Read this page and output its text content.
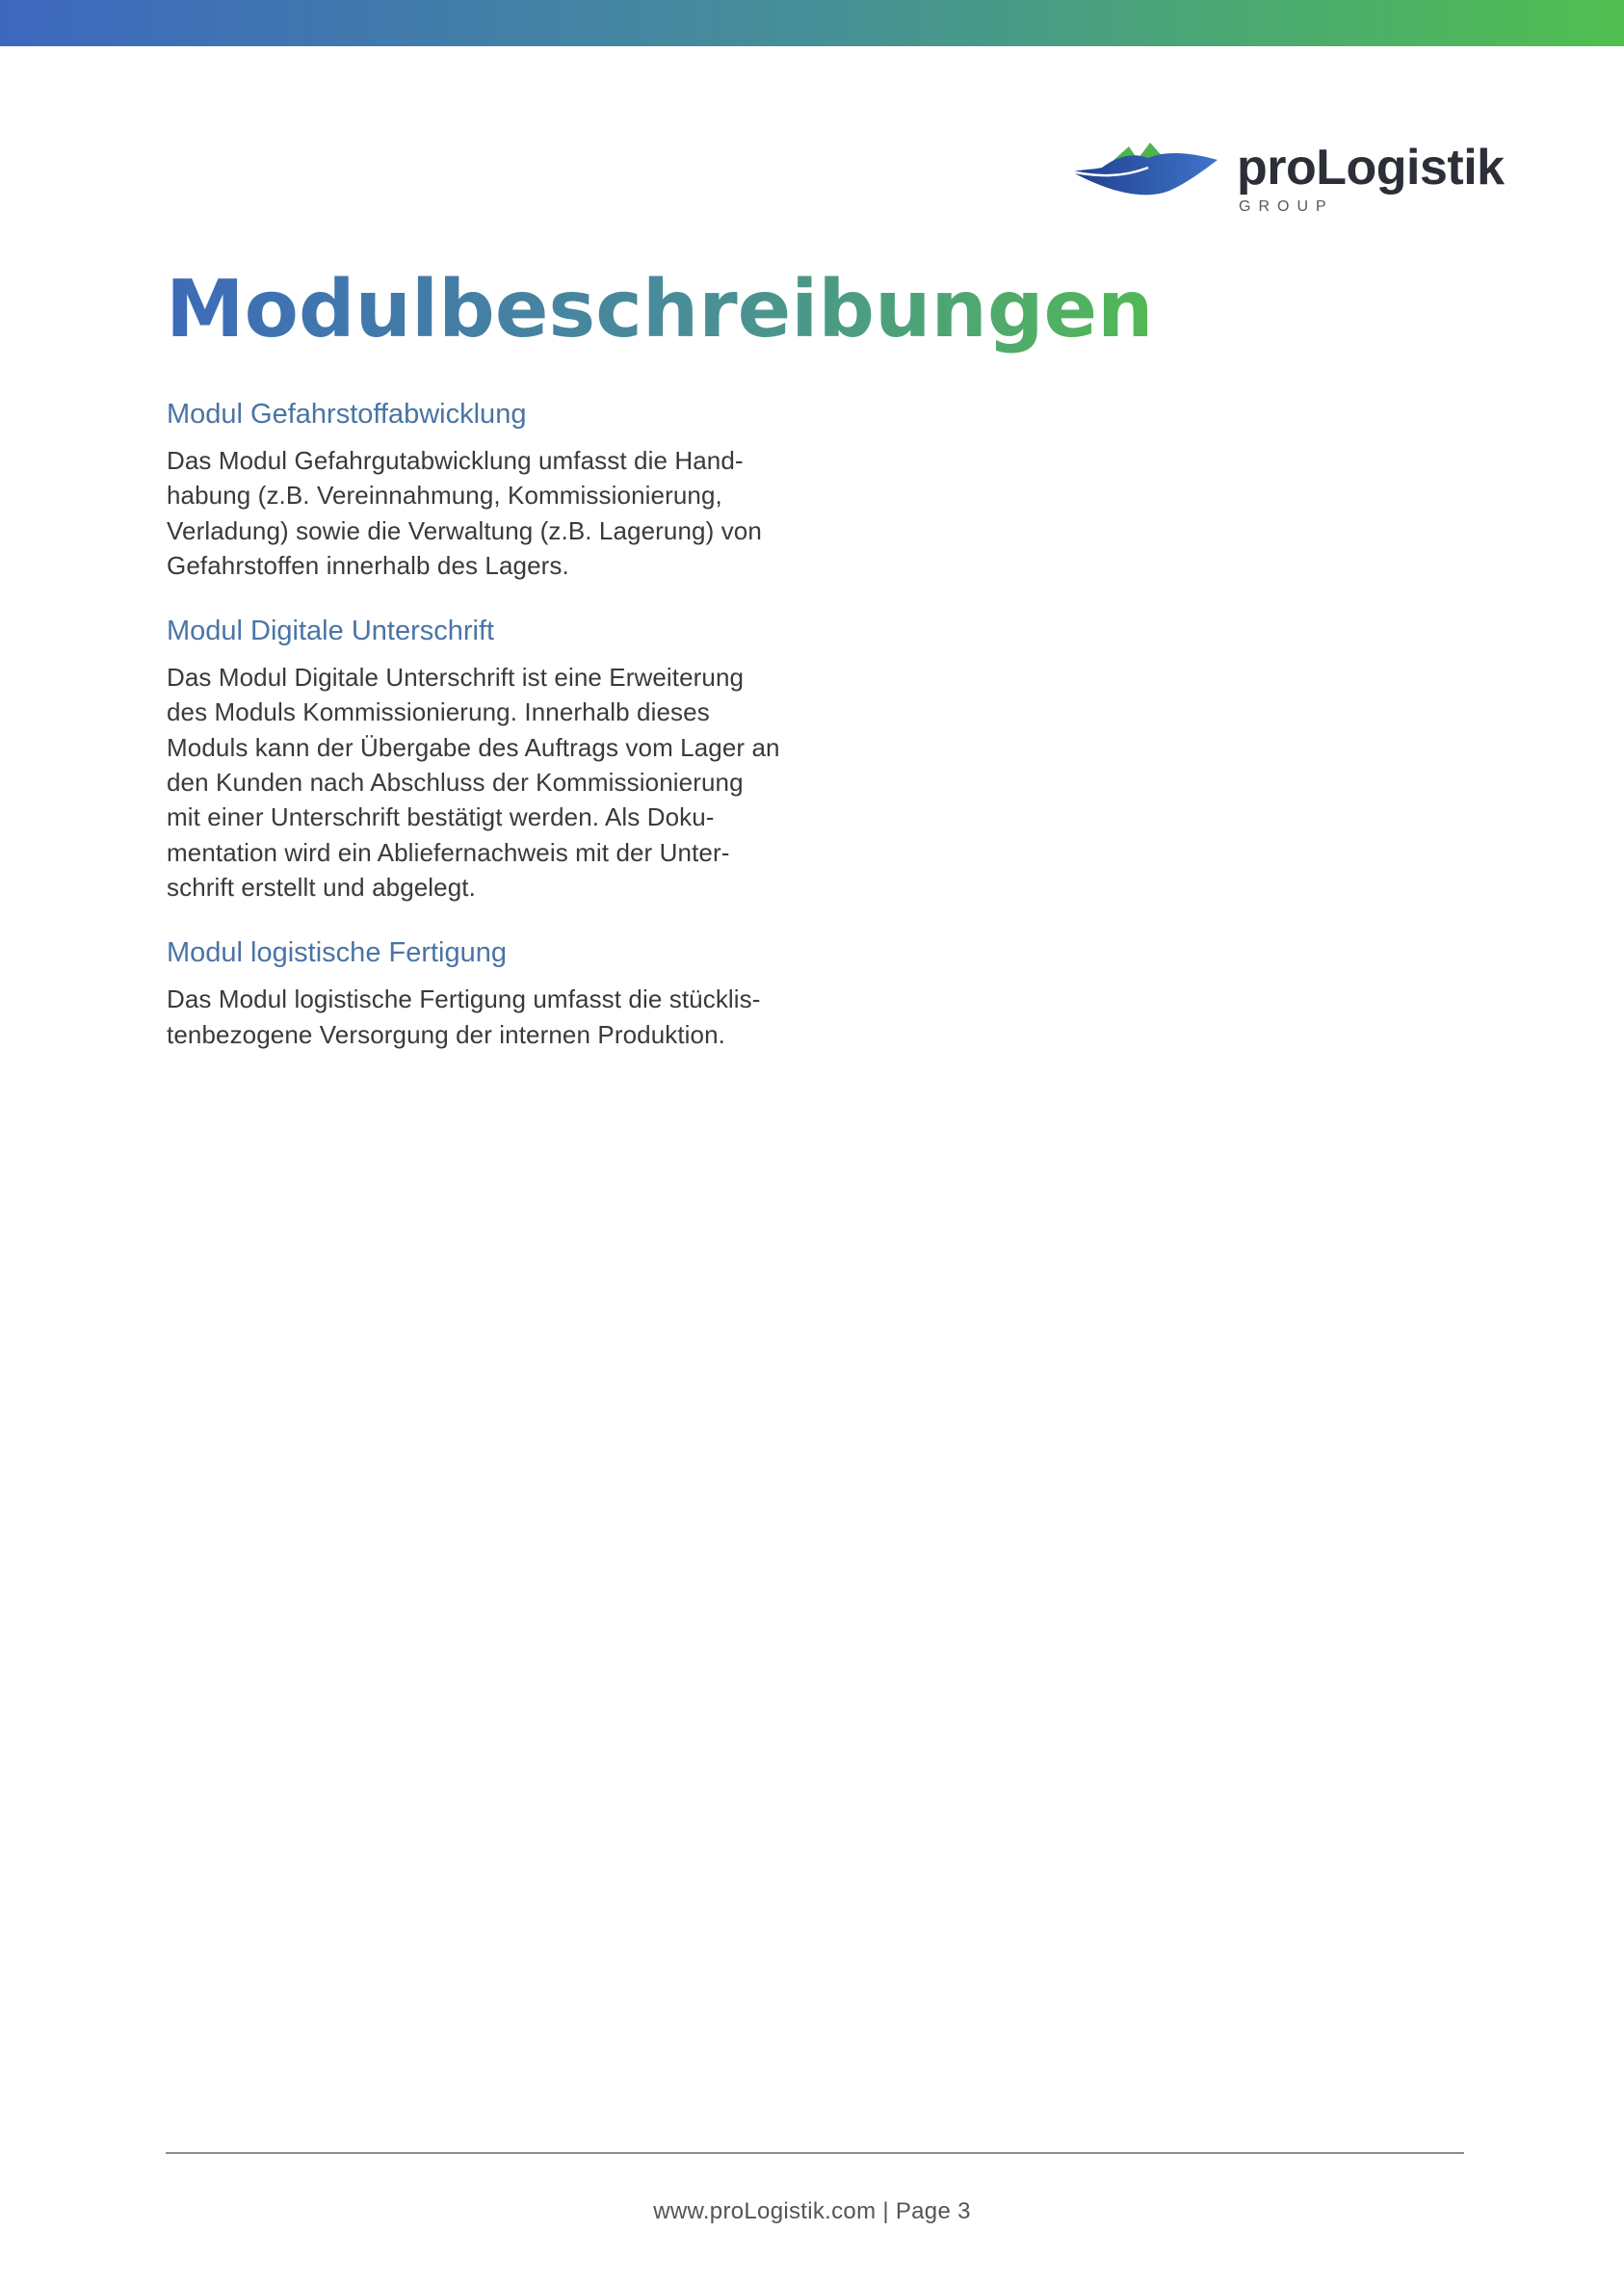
proLogistik
GROUP
Modulbeschreibungen
Modul Gefahrstoffabwicklung

Das Modul Gefahrgutabwicklung umfasst die Hand-
habung (z.B. Vereinnahmung, Kommissionierung,
Verladung) sowie die Verwaltung (z.B. Lagerung) von
Gefahrstoffen innerhalb des Lagers.

Modul Digitale Unterschrift

Das Modul Digitale Unterschrift ist eine Erweiterung
des Moduls Kommissionierung. Innerhalb dieses
Moduls kann der Übergabe des Auftrags vom Lager an
den Kunden nach Abschluss der Kommissionierung
mit einer Unterschrift bestätigt werden. Als Doku-
mentation wird ein Abliefernachweis mit der Unter-
schrift erstellt und abgelegt.

Modul logistische Fertigung

Das Modul logistische Fertigung umfasst die stücklis-
tenbezogene Versorgung der internen Produktion.

www.proLogistik.com | Page 3
